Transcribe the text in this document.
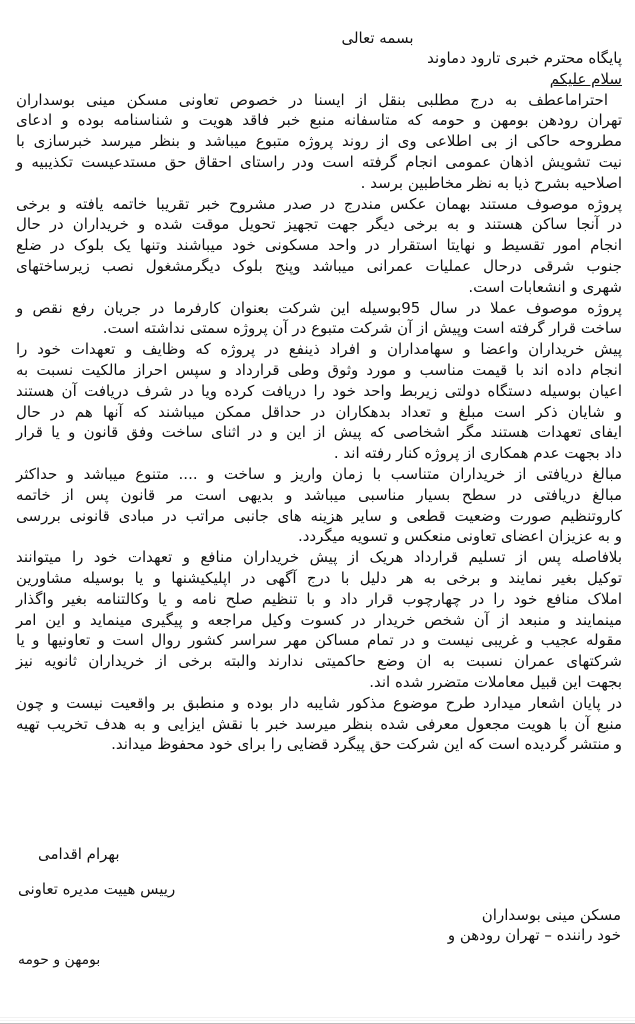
بسمه تعالی
پایگاه محترم خبری تارود دماوند
سلام علیکم
احتراماعطف به درج مطلبی بنقل از ایسنا در خصوص تعاونی مسکن مینی بوسداران
تهران رودهن بومهن و حومه که متاسفانه منبع خبر فاقد هویت و شناسنامه بوده و ادعای
مطروحه حاکی از بی اطلاعی وی از روند پروژه متبوع میباشد و بنظر میرسد خبرسازی با
نیت تشویش اذهان عمومی انجام گرفته است ودر راستای احقاق حق مستدعیست تکذیبیه و
اصلاحیه بشرح ذیا به نظر مخاطبین برسد .
پروژه موصوف مستند بهمان عکس مندرج در صدر مشروح خبر تقریبا خاتمه یافته و برخی
در آنجا ساکن هستند و به برخی دیگر جهت تجهیز تحویل موقت شده و خریداران در حال
انجام امور تقسیط و نهایتا استقرار در واحد مسکونی خود میباشند وتنها یک بلوک در ضلع
جنوب شرقی درحال عملیات عمرانی میباشد وپنج بلوک دیگرمشغول نصب زیرساختهای
شهری و انشعابات است.
پروژه موصوف عملا در سال 95بوسیله این شرکت بعنوان کارفرما در جریان رفع نقص و
ساخت قرار گرفته است وپیش از آن شرکت متبوع در آن پروژه سمتی نداشته است.
پیش خریداران واعضا و سهامداران و افراد ذینفع در پروژه که وظایف و تعهدات خود را
انجام داده اند با قیمت مناسب و مورد وثوق وطی قرارداد و سپس احراز مالکیت نسبت به
اعیان بوسیله دستگاه دولتی زیربط واحد خود را دریافت کرده ویا در شرف دریافت آن هستند
و شایان ذکر است مبلغ و تعداد بدهکاران در حداقل ممکن میباشند که آنها هم در حال
ایفای تعهدات هستند مگر اشخاصی که پیش از این و در اثنای ساخت وفق قانون و یا قرار
داد بجهت عدم همکاری از پروژه کنار رفته اند .
مبالغ دریافتی از خریداران متناسب با زمان واریز و ساخت و .... متنوع میباشد و حداکثر
مبالغ دریافتی در سطح بسیار مناسبی میباشد و بدیهی است مر قانون پس از خاتمه
کاروتنظیم صورت وضعیت قطعی و سایر هزینه های جانبی مراتب در مبادی قانونی بررسی
و به عزیزان اعضای تعاونی منعکس و تسویه میگردد.
بلافاصله پس از تسلیم قرارداد هریک از پیش خریداران منافع و تعهدات خود را میتوانند
توکیل بغیر نمایند و برخی به هر دلیل با درج آگهی در اپلیکیشنها و یا بوسیله مشاورین
املاک منافع خود را در چهارچوب قرار داد و با تنظیم صلح نامه و یا وکالتنامه بغیر واگذار
مینمایند و منبعد از آن شخص خریدار در کسوت وکیل مراجعه و پیگیری مینماید و این امر
مقوله عجیب و غریبی نیست و در تمام مساکن مهر سراسر کشور روال است و تعاونیها و یا
شرکتهای عمران نسبت به ان وضع حاکمیتی ندارند والبته برخی از خریداران ثانویه نیز
بجهت این قبیل معاملات متضرر شده اند.
در پایان اشعار میدارد طرح موضوع مذکور شایبه دار بوده و منطبق بر واقعیت نیست و چون
منبع آن با هویت مجعول معرفی شده بنظر میرسد خبر با نقش ایزایی و به هدف تخریب تهیه
و منتشر گردیده است که این شرکت حق پیگرد قضایی را برای خود محفوظ میداند.
بهرام اقدامی
رییس هییت مدیره تعاونی
مسکن مینی بوسداران
خود راننده – تهران رودهن و
بومهن و حومه
